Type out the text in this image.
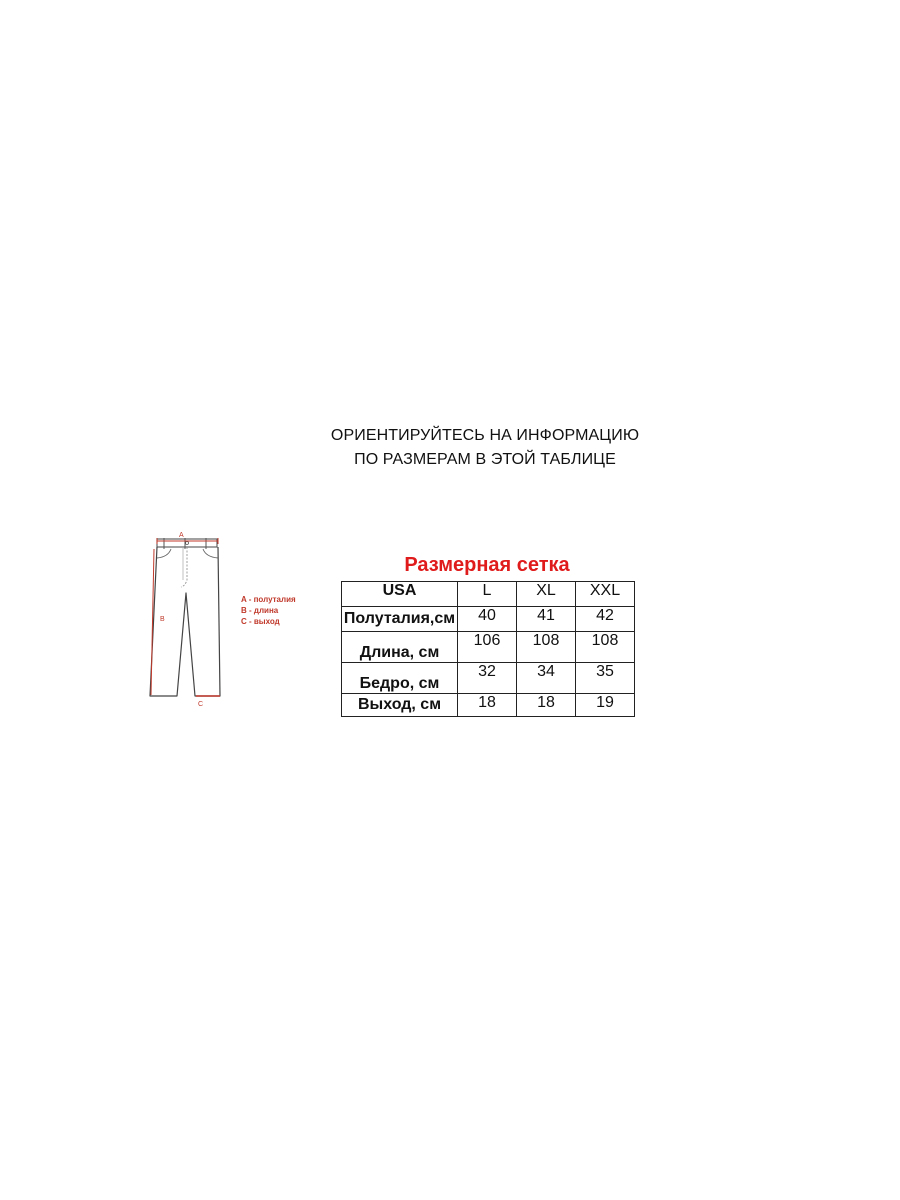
ОРИЕНТИРУЙТЕСЬ НА ИНФОРМАЦИЮ
ПО РАЗМЕРАМ В ЭТОЙ ТАБЛИЦЕ
A
B
C
A - полуталия
B - длина
C - выход
Размерная сетка
USA	L	XL	XXL
Полуталия,см	40	41	42
Длина, см	106	108	108
Бедро, см	32	34	35
Выход, см	18	18	19
